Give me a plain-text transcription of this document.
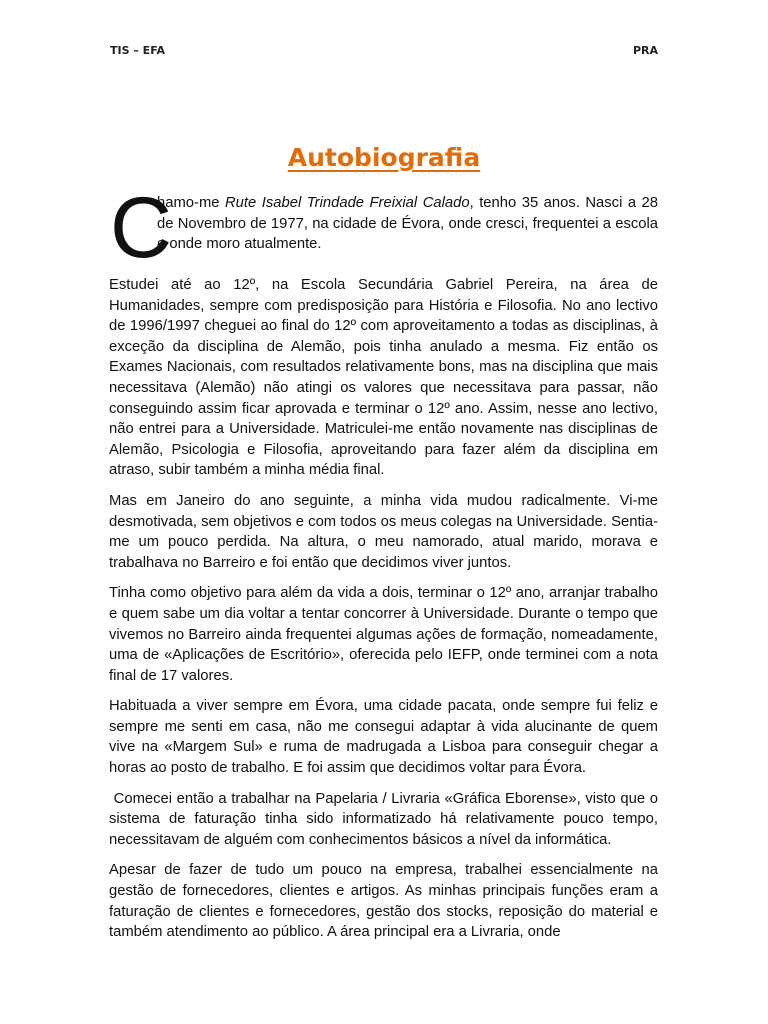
TIS – EFA	PRA
Autobiografia
C
hamo-me Rute Isabel Trindade Freixial Calado, tenho 35 anos. Nasci a 28 de Novembro de 1977, na cidade de Évora, onde cresci, frequentei a escola e onde moro atualmente.

Estudei até ao 12º, na Escola Secundária Gabriel Pereira, na área de Humanidades, sempre com predisposição para História e Filosofia. No ano lectivo de 1996/1997 cheguei ao final do 12º com aproveitamento a todas as disciplinas, à exceção da disciplina de Alemão, pois tinha anulado a mesma. Fiz então os Exames Nacionais, com resultados relativamente bons, mas na disciplina que mais necessitava (Alemão) não atingi os valores que necessitava para passar, não conseguindo assim ficar aprovada e terminar o 12º ano. Assim, nesse ano lectivo, não entrei para a Universidade. Matriculei-me então novamente nas disciplinas de Alemão, Psicologia e Filosofia, aproveitando para fazer além da disciplina em atraso, subir também a minha média final.

Mas em Janeiro do ano seguinte, a minha vida mudou radicalmente. Vi-me desmotivada, sem objetivos e com todos os meus colegas na Universidade. Sentia-me um pouco perdida. Na altura, o meu namorado, atual marido, morava e trabalhava no Barreiro e foi então que decidimos viver juntos.

Tinha como objetivo para além da vida a dois, terminar o 12º ano, arranjar trabalho e quem sabe um dia voltar a tentar concorrer à Universidade. Durante o tempo que vivemos no Barreiro ainda frequentei algumas ações de formação, nomeadamente, uma de «Aplicações de Escritório», oferecida pelo IEFP, onde terminei com a nota final de 17 valores.

Habituada a viver sempre em Évora, uma cidade pacata, onde sempre fui feliz e sempre me senti em casa, não me consegui adaptar à vida alucinante de quem vive na «Margem Sul» e ruma de madrugada a Lisboa para conseguir chegar a horas ao posto de trabalho. E foi assim que decidimos voltar para Évora.

Comecei então a trabalhar na Papelaria / Livraria «Gráfica Eborense», visto que o sistema de faturação tinha sido informatizado há relativamente pouco tempo, necessitavam de alguém com conhecimentos básicos a nível da informática.

Apesar de fazer de tudo um pouco na empresa, trabalhei essencialmente na gestão de fornecedores, clientes e artigos. As minhas principais funções eram a faturação de clientes e fornecedores, gestão dos stocks, reposição do material e também atendimento ao público. A área principal era a Livraria, onde
